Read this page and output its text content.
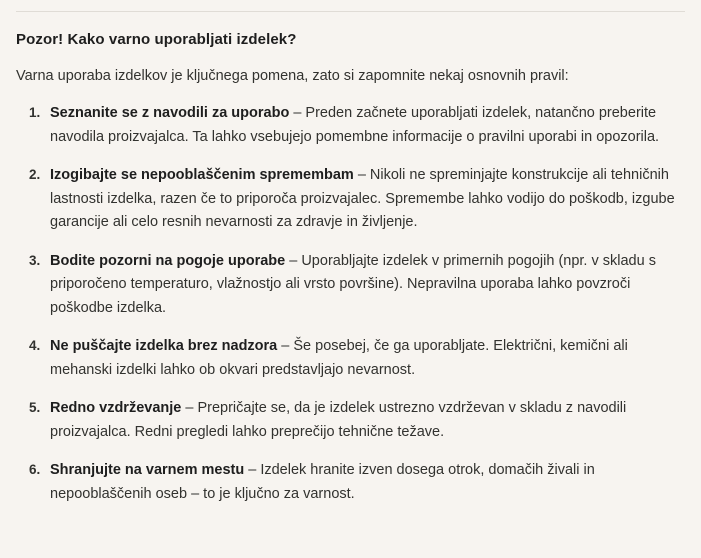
Pozor! Kako varno uporabljati izdelek?

Varna uporaba izdelkov je ključnega pomena, zato si zapomnite nekaj osnovnih pravil:

1. Seznanite se z navodili za uporabo – Preden začnete uporabljati izdelek, natančno preberite navodila proizvajalca. Ta lahko vsebujejo pomembne informacije o pravilni uporabi in opozorila.
2. Izogibajte se nepooblaščenim spremembam – Nikoli ne spreminjajte konstrukcije ali tehničnih lastnosti izdelka, razen če to priporoča proizvajalec. Spremembe lahko vodijo do poškodb, izgube garancije ali celo resnih nevarnosti za zdravje in življenje.
3. Bodite pozorni na pogoje uporabe – Uporabljajte izdelek v primernih pogojih (npr. v skladu s priporočeno temperaturo, vlažnostjo ali vrsto površine). Nepravilna uporaba lahko povzroči poškodbe izdelka.
4. Ne puščajte izdelka brez nadzora – Še posebej, če ga uporabljate. Električni, kemični ali mehanski izdelki lahko ob okvari predstavljajo nevarnost.
5. Redno vzdrževanje – Prepričajte se, da je izdelek ustrezno vzdrževan v skladu z navodili proizvajalca. Redni pregledi lahko preprečijo tehnične težave.
6. Shranjujte na varnem mestu – Izdelek hranite izven dosega otrok, domačih živali in nepooblaščenih oseb – to je ključno za varnost.
